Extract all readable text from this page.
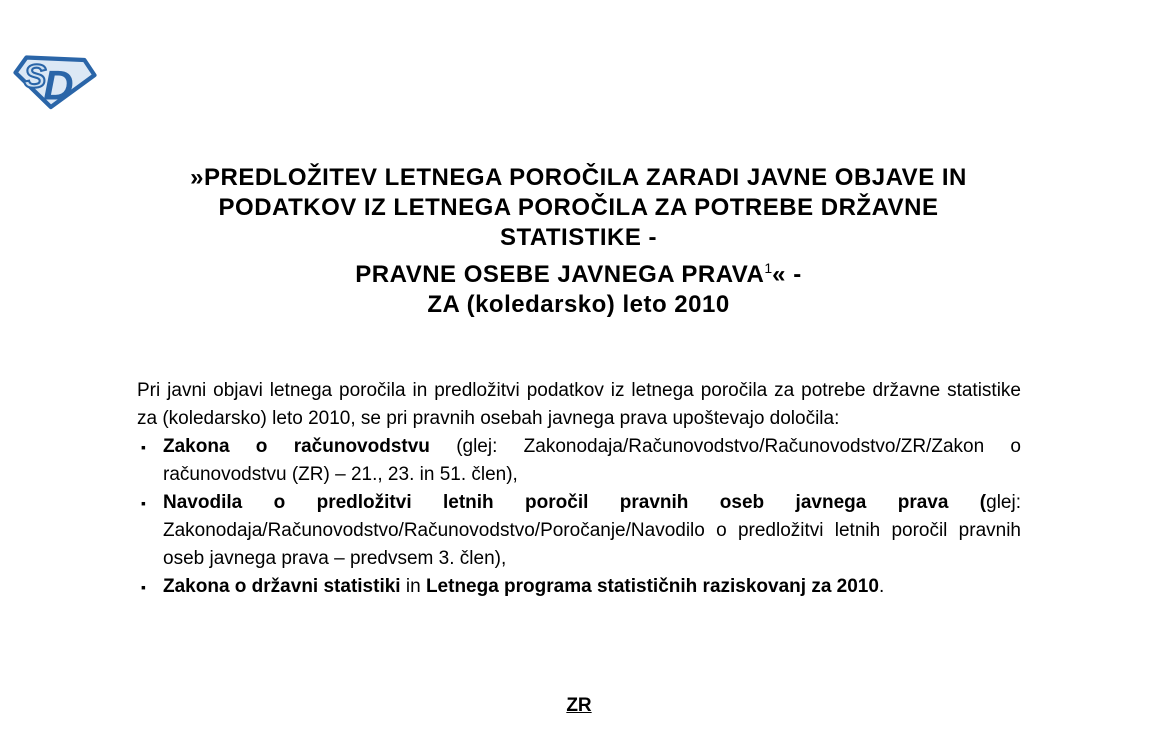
S
D
»PREDLOŽITEV LETNEGA POROČILA ZARADI JAVNE OBJAVE IN
PODATKOV IZ LETNEGA POROČILA ZA POTREBE DRŽAVNE
STATISTIKE -
PRAVNE OSEBE JAVNEGA PRAVA$^1$« -
ZA (koledarsko) leto 2010

Pri javni objavi letnega poročila in predložitvi podatkov iz letnega poročila za potrebe državne statistike za (koledarsko) leto 2010, se pri pravnih osebah javnega prava upoštevajo določila:

▪ Zakona o računovodstvu (glej: Zakonodaja/Računovodstvo/Računovodstvo/ZR/Zakon o računovodstvu (ZR) – 21., 23. in 51. člen),
▪ Navodila o predložitvi letnih poročil pravnih oseb javnega prava (glej: Zakonodaja/Računovodstvo/Računovodstvo/Poročanje/Navodilo o predložitvi letnih poročil pravnih oseb javnega prava – predvsem 3. člen),
▪ Zakona o državni statistiki in Letnega programa statističnih raziskovanj za 2010.
ZR
